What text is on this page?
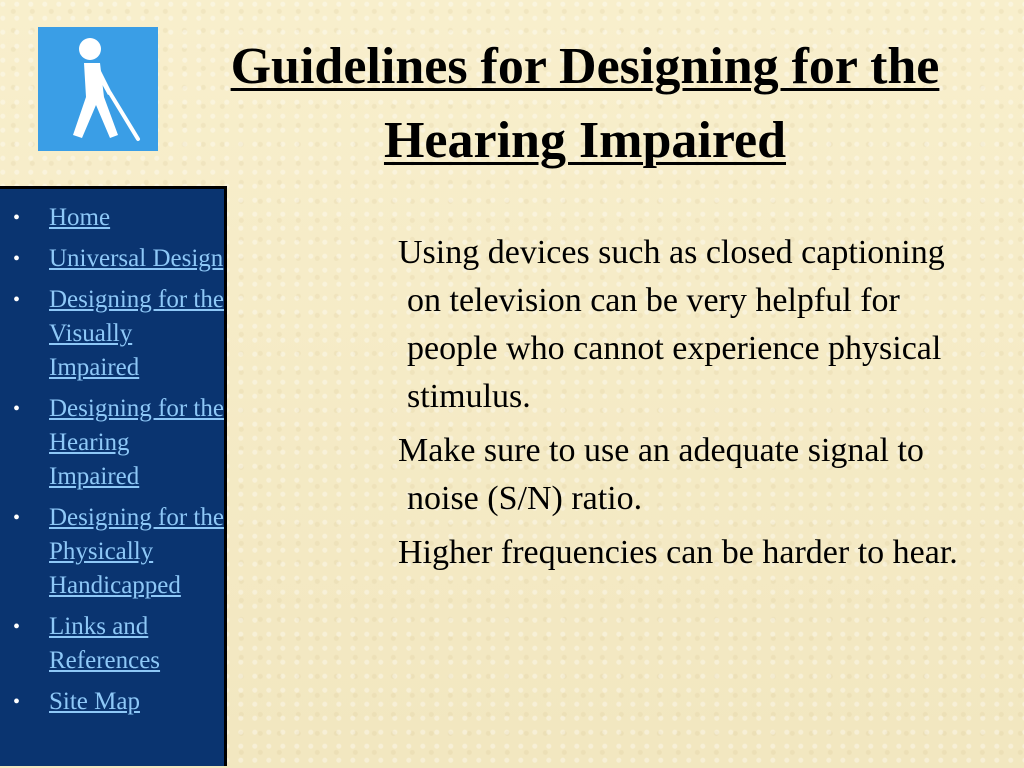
Guidelines for Designing for the Hearing Impaired
• Home
• Universal Design
• Designing for the Visually Impaired
• Designing for the Hearing Impaired
• Designing for the Physically Handicapped
• Links and References
• Site Map

Using devices such as closed captioning on television can be very helpful for people who cannot experience physical stimulus.

Make sure to use an adequate signal to noise (S/N) ratio.

Higher frequencies can be harder to hear.
